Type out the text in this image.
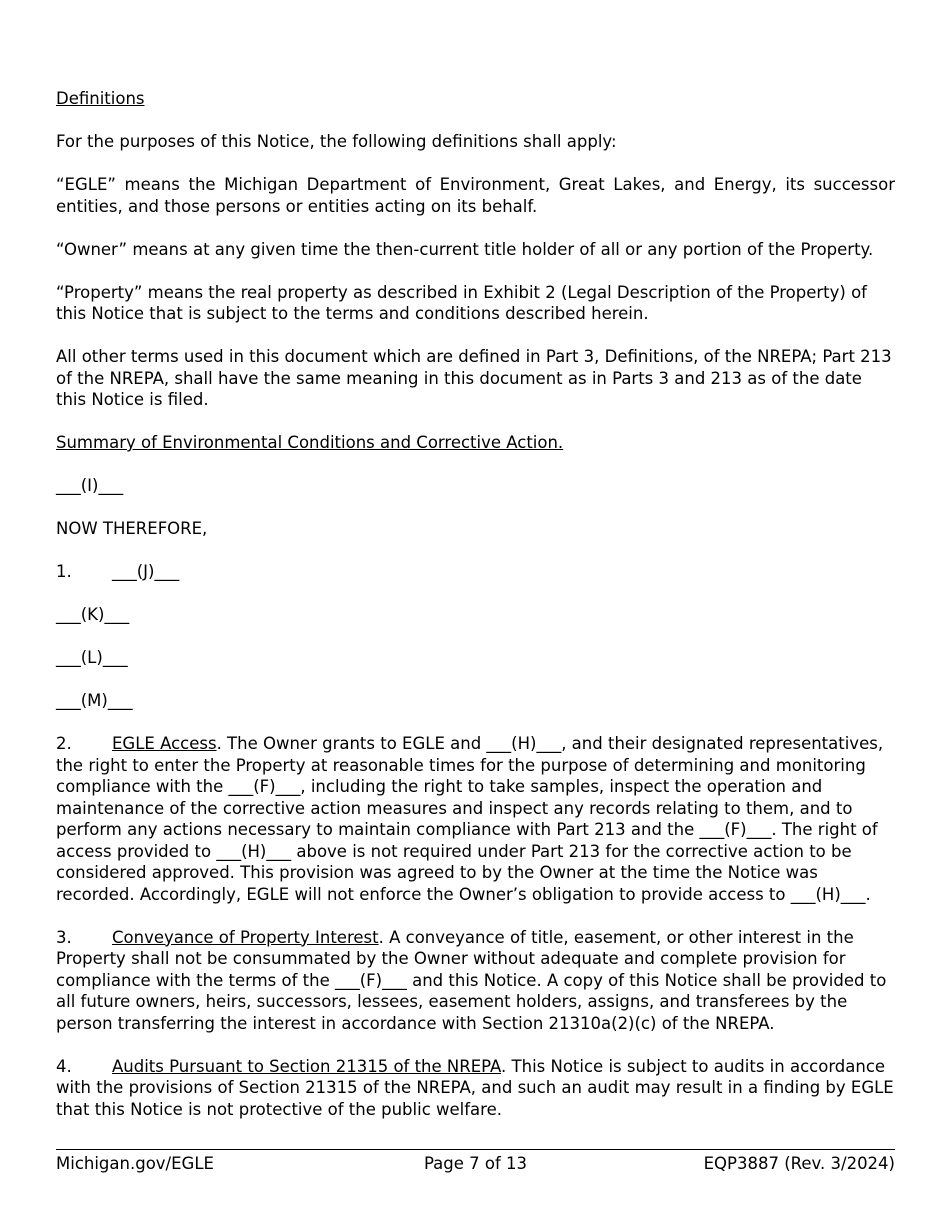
Definitions

For the purposes of this Notice, the following definitions shall apply:

“EGLE” means the Michigan Department of Environment, Great Lakes, and Energy, its successor entities, and those persons or entities acting on its behalf.

“Owner” means at any given time the then-current title holder of all or any portion of the Property.

“Property” means the real property as described in Exhibit 2 (Legal Description of the Property) of this Notice that is subject to the terms and conditions described herein.

All other terms used in this document which are defined in Part 3, Definitions, of the NREPA; Part 213 of the NREPA, shall have the same meaning in this document as in Parts 3 and 213 as of the date this Notice is filed.

Summary of Environmental Conditions and Corrective Action.

___(I)___

NOW THEREFORE,

1. ___(J)___

___(K)___

___(L)___

___(M)___

2. EGLE Access. The Owner grants to EGLE and ___(H)___, and their designated representatives, the right to enter the Property at reasonable times for the purpose of determining and monitoring compliance with the ___(F)___, including the right to take samples, inspect the operation and maintenance of the corrective action measures and inspect any records relating to them, and to perform any actions necessary to maintain compliance with Part 213 and the ___(F)___. The right of access provided to ___(H)___ above is not required under Part 213 for the corrective action to be considered approved. This provision was agreed to by the Owner at the time the Notice was recorded. Accordingly, EGLE will not enforce the Owner’s obligation to provide access to ___(H)___.

3. Conveyance of Property Interest. A conveyance of title, easement, or other interest in the Property shall not be consummated by the Owner without adequate and complete provision for compliance with the terms of the ___(F)___ and this Notice. A copy of this Notice shall be provided to all future owners, heirs, successors, lessees, easement holders, assigns, and transferees by the person transferring the interest in accordance with Section 21310a(2)(c) of the NREPA.

4. Audits Pursuant to Section 21315 of the NREPA. This Notice is subject to audits in accordance with the provisions of Section 21315 of the NREPA, and such an audit may result in a finding by EGLE that this Notice is not protective of the public welfare.

Michigan.gov/EGLE	Page 7 of 13	EQP3887 (Rev. 3/2024)
